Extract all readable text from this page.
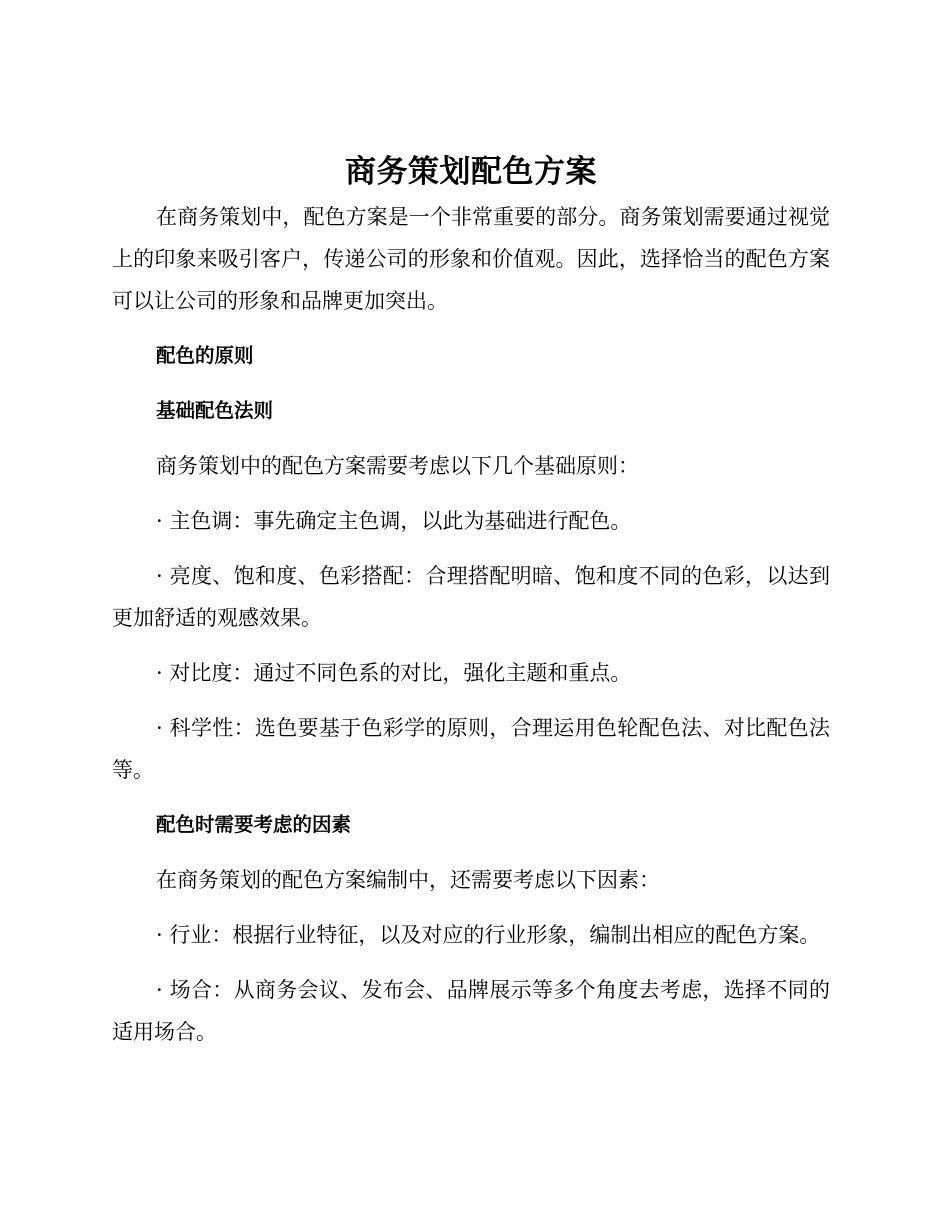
商务策划配色方案

在商务策划中，配色方案是一个非常重要的部分。商务策划需要通过视觉上的印象来吸引客户，传递公司的形象和价值观。因此，选择恰当的配色方案可以让公司的形象和品牌更加突出。

配色的原则
基础配色法则

商务策划中的配色方案需要考虑以下几个基础原则：

· 主色调：事先确定主色调，以此为基础进行配色。

· 亮度、饱和度、色彩搭配：合理搭配明暗、饱和度不同的色彩，以达到更加舒适的观感效果。

· 对比度：通过不同色系的对比，强化主题和重点。

· 科学性：选色要基于色彩学的原则，合理运用色轮配色法、对比配色法等。

配色时需要考虑的因素

在商务策划的配色方案编制中，还需要考虑以下因素：

· 行业：根据行业特征，以及对应的行业形象，编制出相应的配色方案。

· 场合：从商务会议、发布会、品牌展示等多个角度去考虑，选择不同的适用场合。
